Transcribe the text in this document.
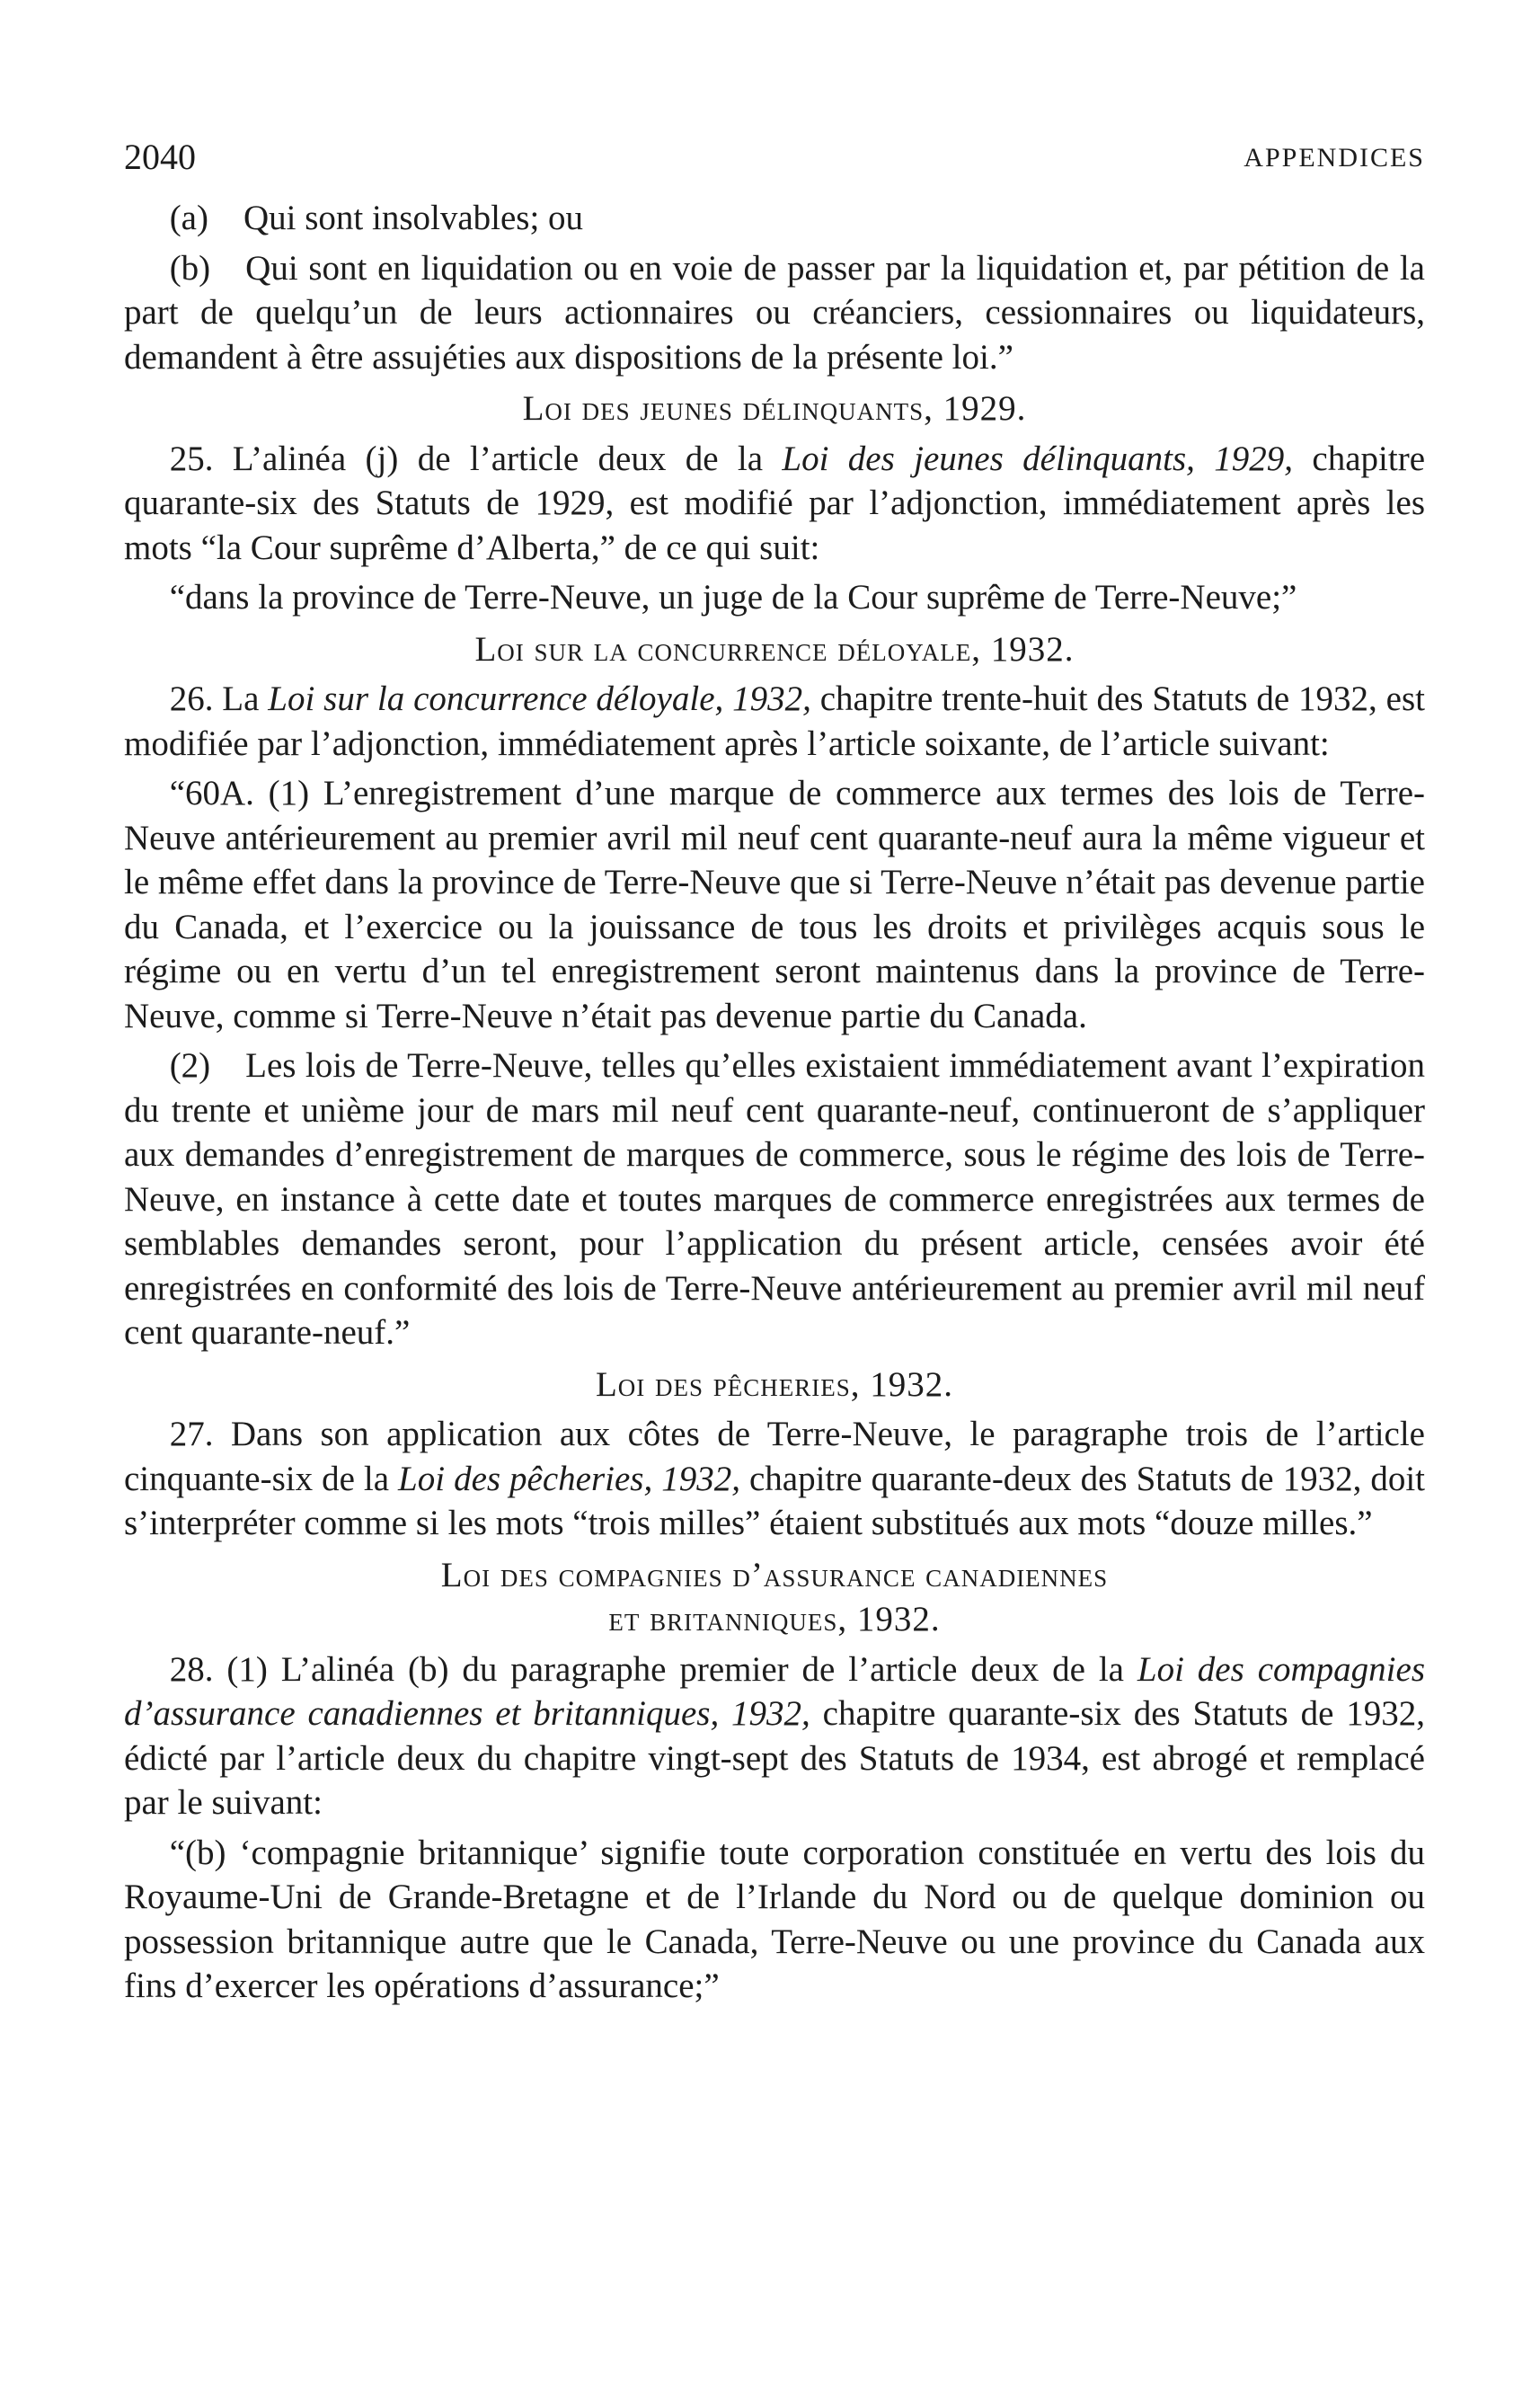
2040	APPENDICES

(a) Qui sont insolvables; ou

(b) Qui sont en liquidation ou en voie de passer par la liquidation et, par pétition de la part de quelqu’un de leurs actionnaires ou créanciers, cessionnaires ou liquidateurs, demandent à être assujéties aux dispositions de la présente loi.”

Loi des jeunes délinquants, 1929.

25. L’alinéa (j) de l’article deux de la Loi des jeunes délinquants, 1929, chapitre quarante-six des Statuts de 1929, est modifié par l’adjonction, immédiatement après les mots “la Cour suprême d’Alberta,” de ce qui suit:

“dans la province de Terre-Neuve, un juge de la Cour suprême de Terre-Neuve;”

Loi sur la concurrence déloyale, 1932.

26. La Loi sur la concurrence déloyale, 1932, chapitre trente-huit des Statuts de 1932, est modifiée par l’adjonction, immédiatement après l’article soixante, de l’article suivant:

“60A. (1) L’enregistrement d’une marque de commerce aux termes des lois de Terre-Neuve antérieurement au premier avril mil neuf cent quarante-neuf aura la même vigueur et le même effet dans la province de Terre-Neuve que si Terre-Neuve n’était pas devenue partie du Canada, et l’exercice ou la jouissance de tous les droits et privilèges acquis sous le régime ou en vertu d’un tel enregistrement seront maintenus dans la province de Terre-Neuve, comme si Terre-Neuve n’était pas devenue partie du Canada.

(2) Les lois de Terre-Neuve, telles qu’elles existaient immédiatement avant l’expiration du trente et unième jour de mars mil neuf cent quarante-neuf, continueront de s’appliquer aux demandes d’enregistrement de marques de commerce, sous le régime des lois de Terre-Neuve, en instance à cette date et toutes marques de commerce enregistrées aux termes de semblables demandes seront, pour l’application du présent article, censées avoir été enregistrées en conformité des lois de Terre-Neuve antérieurement au premier avril mil neuf cent quarante-neuf.”

Loi des pêcheries, 1932.

27. Dans son application aux côtes de Terre-Neuve, le paragraphe trois de l’article cinquante-six de la Loi des pêcheries, 1932, chapitre quarante-deux des Statuts de 1932, doit s’interpréter comme si les mots “trois milles” étaient substitués aux mots “douze milles.”

Loi des compagnies d’assurance canadiennes

et britanniques, 1932.

28. (1) L’alinéa (b) du paragraphe premier de l’article deux de la Loi des compagnies d’assurance canadiennes et britanniques, 1932, chapitre quarante-six des Statuts de 1932, édicté par l’article deux du chapitre vingt-sept des Statuts de 1934, est abrogé et remplacé par le suivant:

“(b) ‘compagnie britannique’ signifie toute corporation constituée en vertu des lois du Royaume-Uni de Grande-Bretagne et de l’Irlande du Nord ou de quelque dominion ou possession britannique autre que le Canada, Terre-Neuve ou une province du Canada aux fins d’exercer les opérations d’assurance;”
